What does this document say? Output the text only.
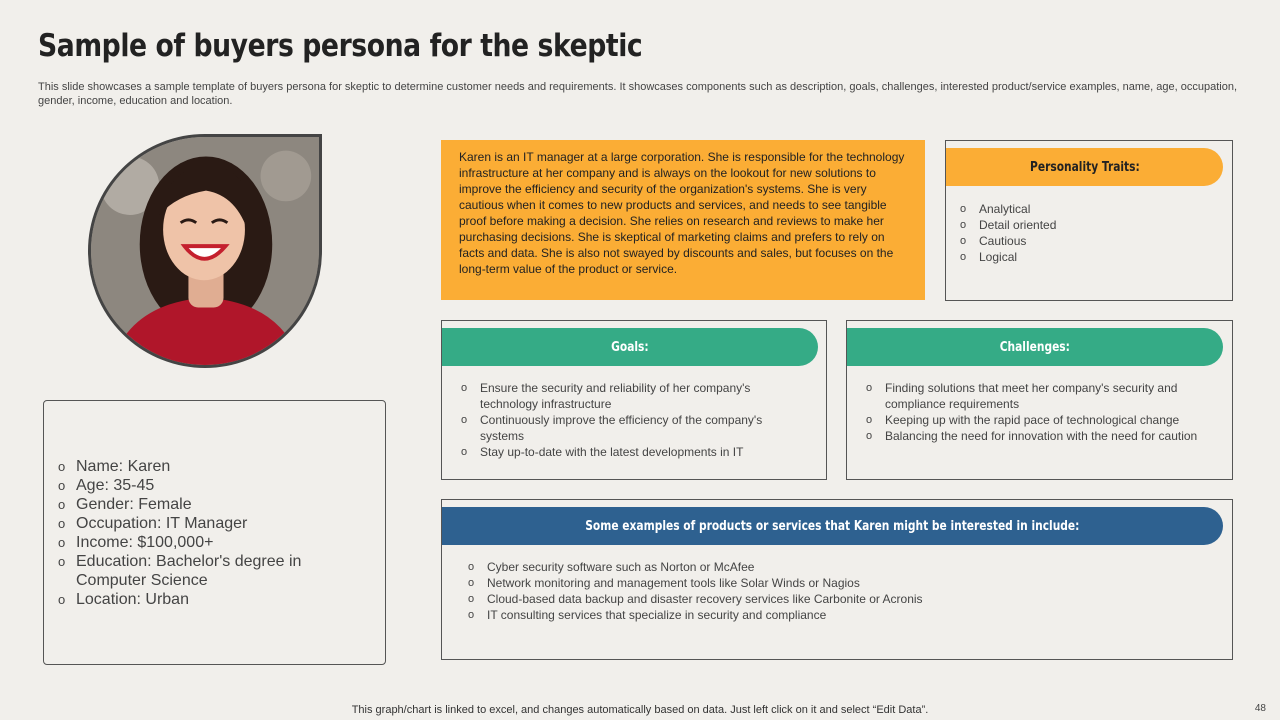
Sample of buyers persona for the skeptic
This slide showcases a sample template of buyers persona for skeptic to determine customer needs and requirements. It showcases components such as description, goals, challenges, interested product/service examples, name, age, occupation, gender, income, education and location.
o Name: Karen
o Age: 35-45
o Gender: Female
o Occupation: IT Manager
o Income: $100,000+
o Education: Bachelor's degree in Computer Science
o Location: Urban
Karen is an IT manager at a large corporation. She is responsible for the technology infrastructure at her company and is always on the lookout for new solutions to improve the efficiency and security of the organization's systems. She is very cautious when it comes to new products and services, and needs to see tangible proof before making a decision. She relies on research and reviews to make her purchasing decisions. She is skeptical of marketing claims and prefers to rely on facts and data. She is also not swayed by discounts and sales, but focuses on the long-term value of the product or service.
Personality Traits:
o Analytical
o Detail oriented
o Cautious
o Logical
Goals:
o Ensure the security and reliability of her company's technology infrastructure
o Continuously improve the efficiency of the company's systems
o Stay up-to-date with the latest developments in IT
Challenges:
o Finding solutions that meet her company's security and compliance requirements
o Keeping up with the rapid pace of technological change
o Balancing the need for innovation with the need for caution
Some examples of products or services that Karen might be interested in include:
o Cyber security software such as Norton or McAfee
o Network monitoring and management tools like Solar Winds or Nagios
o Cloud-based data backup and disaster recovery services like Carbonite or Acronis
o IT consulting services that specialize in security and compliance
This graph/chart is linked to excel, and changes automatically based on data. Just left click on it and select “Edit Data”.	48
